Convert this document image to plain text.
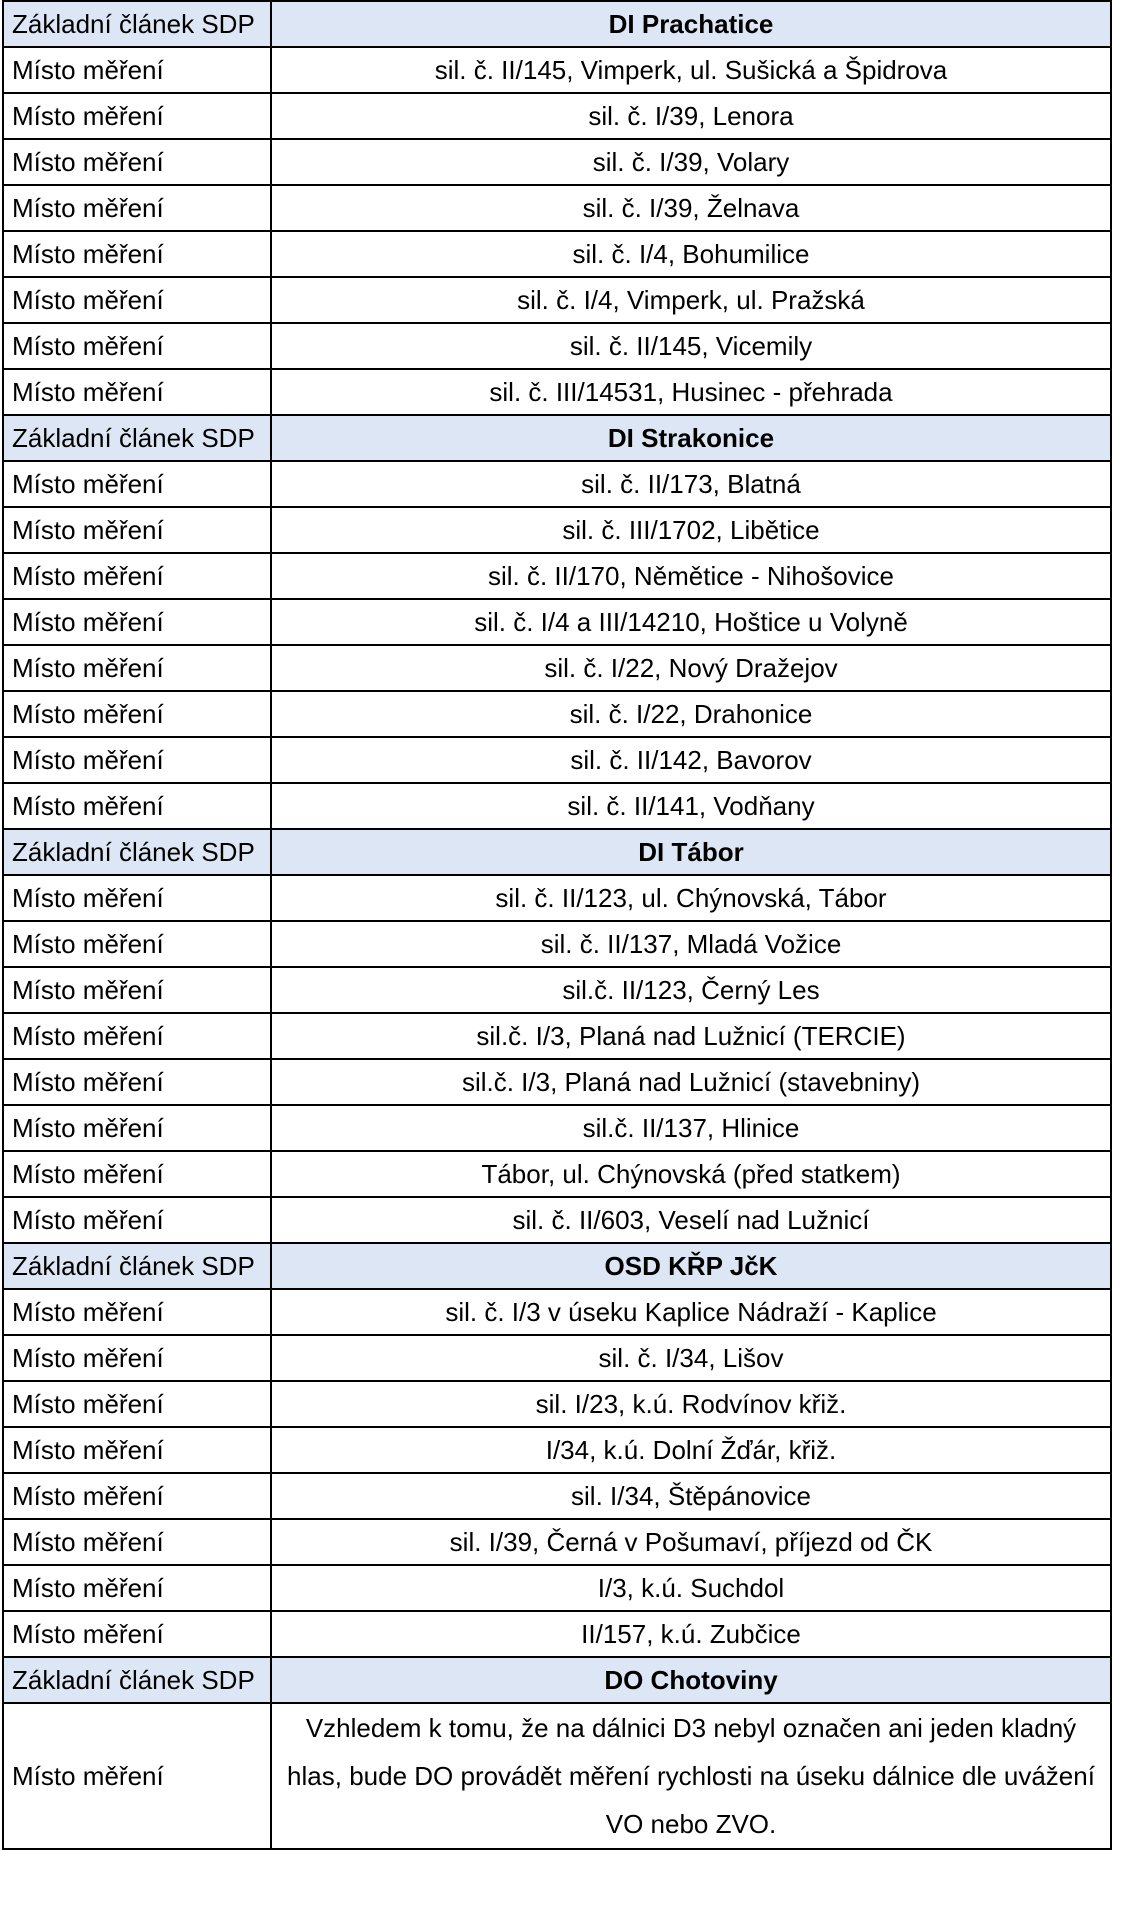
Základní článek SDP	DI Prachatice
Místo měření	sil. č. II/145, Vimperk, ul. Sušická a Špidrova
Místo měření	sil. č. I/39, Lenora
Místo měření	sil. č. I/39, Volary
Místo měření	sil. č. I/39, Želnava
Místo měření	sil. č. I/4, Bohumilice
Místo měření	sil. č. I/4, Vimperk, ul. Pražská
Místo měření	sil. č. II/145, Vicemily
Místo měření	sil. č. III/14531, Husinec - přehrada
Základní článek SDP	DI Strakonice
Místo měření	sil. č. II/173, Blatná
Místo měření	sil. č. III/1702, Libětice
Místo měření	sil. č. II/170, Němětice - Nihošovice
Místo měření	sil. č. I/4 a III/14210, Hoštice u Volyně
Místo měření	sil. č. I/22, Nový Dražejov
Místo měření	sil. č. I/22, Drahonice
Místo měření	sil. č. II/142, Bavorov
Místo měření	sil. č. II/141, Vodňany
Základní článek SDP	DI Tábor
Místo měření	sil. č. II/123, ul. Chýnovská, Tábor
Místo měření	sil. č. II/137, Mladá Vožice
Místo měření	sil.č. II/123, Černý Les
Místo měření	sil.č. I/3, Planá nad Lužnicí (TERCIE)
Místo měření	sil.č. I/3, Planá nad Lužnicí (stavebniny)
Místo měření	sil.č. II/137, Hlinice
Místo měření	Tábor, ul. Chýnovská (před statkem)
Místo měření	sil. č. II/603, Veselí nad Lužnicí
Základní článek SDP	OSD KŘP JčK
Místo měření	sil. č. I/3 v úseku Kaplice Nádraží - Kaplice
Místo měření	sil. č. I/34, Lišov
Místo měření	sil. I/23, k.ú. Rodvínov křiž.
Místo měření	I/34, k.ú. Dolní Žďár, křiž.
Místo měření	sil. I/34, Štěpánovice
Místo měření	sil. I/39, Černá v Pošumaví, příjezd od ČK
Místo měření	I/3, k.ú. Suchdol
Místo měření	II/157, k.ú. Zubčice
Základní článek SDP	DO Chotoviny
Místo měření	Vzhledem k tomu, že na dálnici D3 nebyl označen ani jeden kladný hlas, bude DO provádět měření rychlosti na úseku dálnice dle uvážení VO nebo ZVO.
